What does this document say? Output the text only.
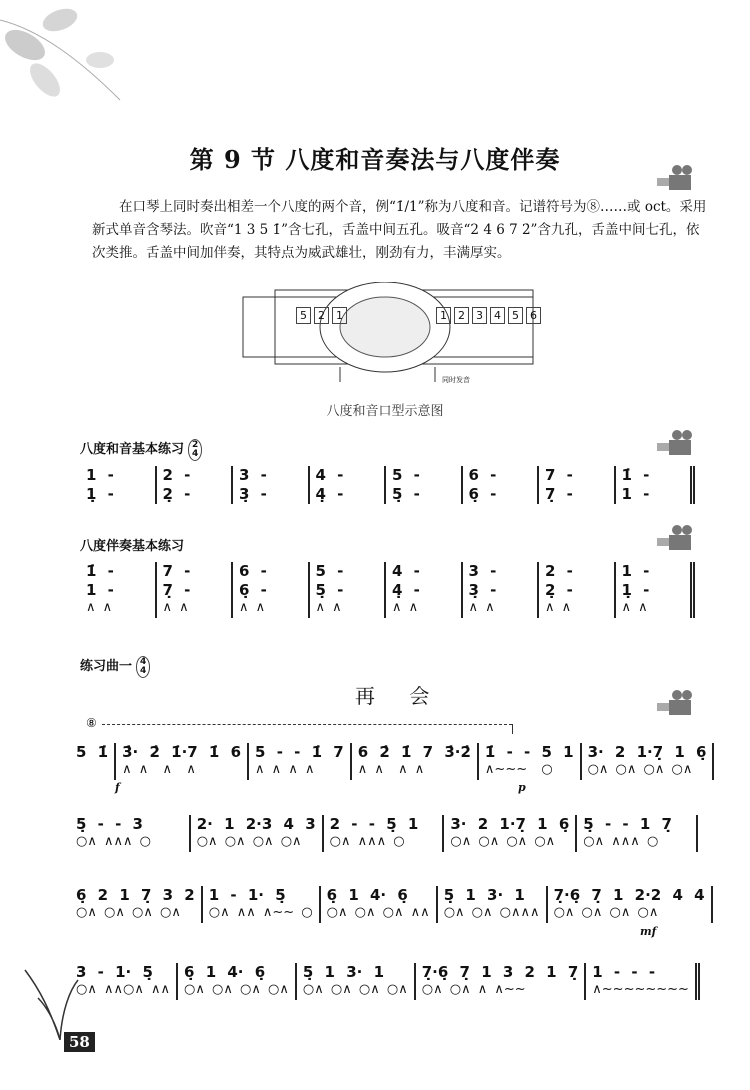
第 9 节 八度和音奏法与八度伴奏
在口琴上同时奏出相差一个八度的两个音，例“1̇/1”称为八度和音。记谱符号为⑧……或 oct。采用新式单音含琴法。吹音“1 3 5 1̇”含七孔，舌盖中间五孔。吸音“2 4 6 7 2̇”含九孔，舌盖中间七孔，依次类推。舌盖中间加伴奏，其特点为威武雄壮，刚劲有力，丰满厚实。
5	2	1	1	2	3	4	5	6
同时发音
八度和音口型示意图
八度和音基本练习 2
4
1 -
1̣ -
2 -
2̣ -
3 -
3̣ -
4 -
4̣ -
5 -
5̣ -
6 -
6̣ -
7 -
7̣ -
1̇ -
1 -
八度伴奏基本练习
1̇ -
1 -
∧ ∧
7 -
7̣ -
∧ ∧
6 -
6̣ -
∧ ∧
5 -
5̣ -
∧ ∧
4 -
4̣ -
∧ ∧
3 -
3̣ -
∧ ∧
2 -
2̣ -
∧ ∧
1 -
1̣ -
∧ ∧
练习曲一 4
4
再 会
⑧
5 1̇ 3̇· 2̇ 1̇·7 1̇ 6
∧ ∧  ∧  ∧
5 - - 1̇ 7
∧ ∧ ∧ ∧
6 2̇ 1̇ 7 3̇·2̇
∧ ∧  ∧ ∧
1̇ - - 5 1
∧~~~  ○
3· 2 1·7̣ 1 6̣
○∧ ○∧ ○∧ ○∧
f	p
5̣ - - 3
○∧ ∧∧∧ ○
2· 1 2·3 4 3
○∧ ○∧ ○∧ ○∧
2 - - 5̣ 1
○∧ ∧∧∧ ○
3· 2 1·7̣ 1 6̣
○∧ ○∧ ○∧ ○∧
5̣ - - 1 7̣
○∧ ∧∧∧ ○
6̣ 2 1 7̣ 3 2
○∧ ○∧ ○∧ ○∧
1 - 1· 5̣
○∧ ∧∧ ∧~~ ○
6̣ 1 4· 6̣
○∧ ○∧ ○∧ ∧∧
5̣ 1 3· 1
○∧ ○∧ ○∧∧∧
7̣·6̣ 7̣ 1 2·2 4 4
○∧ ○∧ ○∧ ○∧
mf
3 - 1· 5̣
○∧ ∧∧○∧ ∧∧
6̣ 1 4· 6̣
○∧ ○∧ ○∧ ○∧
5̣ 1 3· 1
○∧ ○∧ ○∧ ○∧
7̣·6̣ 7̣ 1 3 2 1 7̣
○∧ ○∧ ∧ ∧~~
1 - - -
∧~~~~~~~~
58
